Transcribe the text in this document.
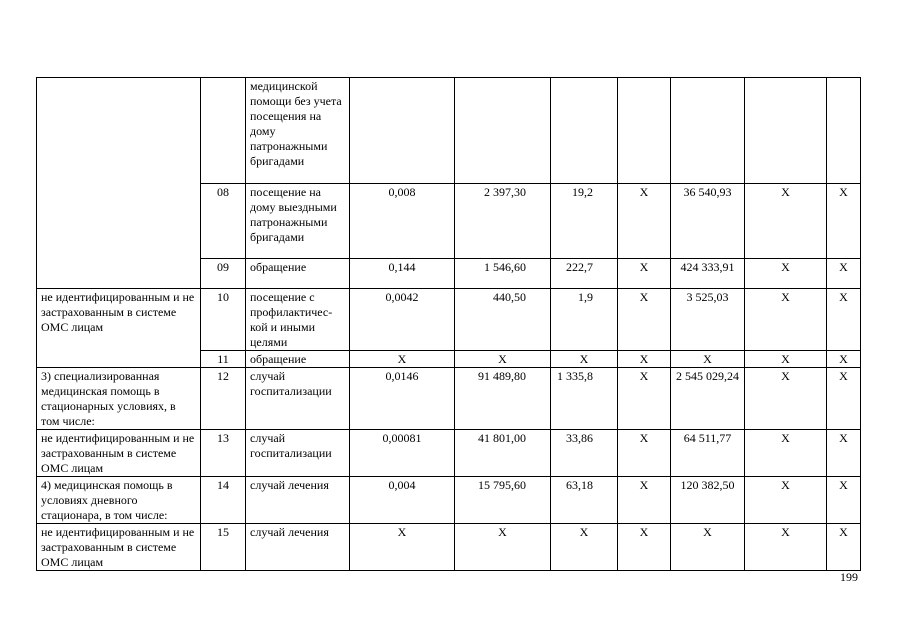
		медицинской помощи без учета посещения на дому патронажными бригадами							
	08	посещение на дому выездными патронажными бригадами	0,008	2 397,30	19,2	X	36 540,93	X	X
	09	обращение	0,144	1 546,60	222,7	X	424 333,91	X	X
не идентифицированным и не застрахованным в системе ОМС лицам	10	посещение с профилактичес-кой и иными целями	0,0042	440,50	1,9	X	3 525,03	X	X
	11	обращение	X	X	X	X	X	X	X
3) специализированная медицинская помощь в стационарных условиях, в том числе:	12	случай госпитализации	0,0146	91 489,80	1 335,8	X	2 545 029,24	X	X
не идентифицированным и не застрахованным в системе ОМС лицам	13	случай госпитализации	0,00081	41 801,00	33,86	X	64 511,77	X	X
4) медицинская помощь в условиях дневного стационара, в том числе:	14	случай лечения	0,004	15 795,60	63,18	X	120 382,50	X	X
не идентифицированным и не застрахованным в системе ОМС лицам	15	случай лечения	X	X	X	X	X	X	X
199
